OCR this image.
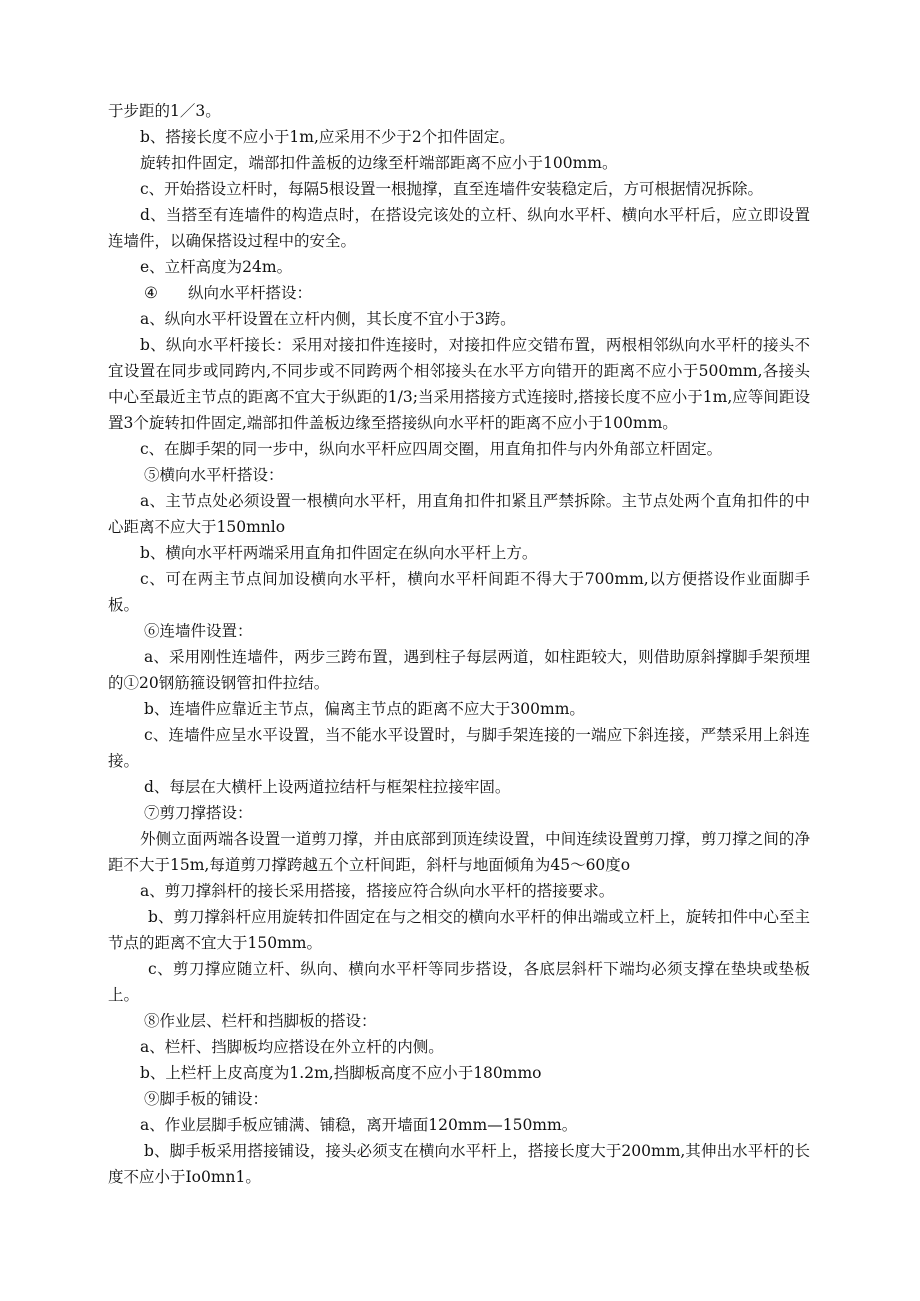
于步距的1／3。

b、搭接长度不应小于1m,应采用不少于2个扣件固定。

旋转扣件固定，端部扣件盖板的边缘至杆端部距离不应小于100mm。

c、开始搭设立杆时，每隔5根设置一根抛撑，直至连墙件安装稳定后，方可根据情况拆除。

d、当搭至有连墙件的构造点时，在搭设完该处的立杆、纵向水平杆、横向水平杆后，应立即设置连墙件，以确保搭设过程中的安全。

e、立杆高度为24m。

④ 纵向水平杆搭设：

a、纵向水平杆设置在立杆内侧，其长度不宜小于3跨。

b、纵向水平杆接长：采用对接扣件连接时，对接扣件应交错布置，两根相邻纵向水平杆的接头不宜设置在同步或同跨内,不同步或不同跨两个相邻接头在水平方向错开的距离不应小于500mm,各接头中心至最近主节点的距离不宜大于纵距的1/3;当采用搭接方式连接时,搭接长度不应小于1m,应等间距设置3个旋转扣件固定,端部扣件盖板边缘至搭接纵向水平杆的距离不应小于100mm。

c、在脚手架的同一步中，纵向水平杆应四周交圈，用直角扣件与内外角部立杆固定。

⑤横向水平杆搭设：

a、主节点处必须设置一根横向水平杆，用直角扣件扣紧且严禁拆除。主节点处两个直角扣件的中心距离不应大于150mnlo

b、横向水平杆两端采用直角扣件固定在纵向水平杆上方。

c、可在两主节点间加设横向水平杆，横向水平杆间距不得大于700mm,以方便搭设作业面脚手板。

⑥连墙件设置：

a、采用刚性连墙件，两步三跨布置，遇到柱子每层两道，如柱距较大，则借助原斜撑脚手架预埋的①20钢筋箍设钢管扣件拉结。

b、连墙件应靠近主节点，偏离主节点的距离不应大于300mm。

c、连墙件应呈水平设置，当不能水平设置时，与脚手架连接的一端应下斜连接，严禁采用上斜连接。

d、每层在大横杆上设两道拉结杆与框架柱拉接牢固。

⑦剪刀撑搭设：

外侧立面两端各设置一道剪刀撑，并由底部到顶连续设置，中间连续设置剪刀撑，剪刀撑之间的净距不大于15m,每道剪刀撑跨越五个立杆间距，斜杆与地面倾角为45～60度o

a、剪刀撑斜杆的接长采用搭接，搭接应符合纵向水平杆的搭接要求。

b、剪刀撑斜杆应用旋转扣件固定在与之相交的横向水平杆的伸出端或立杆上，旋转扣件中心至主节点的距离不宜大于150mm。

c、剪刀撑应随立杆、纵向、横向水平杆等同步搭设，各底层斜杆下端均必须支撑在垫块或垫板上。

⑧作业层、栏杆和挡脚板的搭设：

a、栏杆、挡脚板均应搭设在外立杆的内侧。

b、上栏杆上皮高度为1.2m,挡脚板高度不应小于180mmo

⑨脚手板的铺设：

a、作业层脚手板应铺满、铺稳，离开墙面120mm—150mm。

b、脚手板采用搭接铺设，接头必须支在横向水平杆上，搭接长度大于200mm,其伸出水平杆的长度不应小于Io0mn1。
